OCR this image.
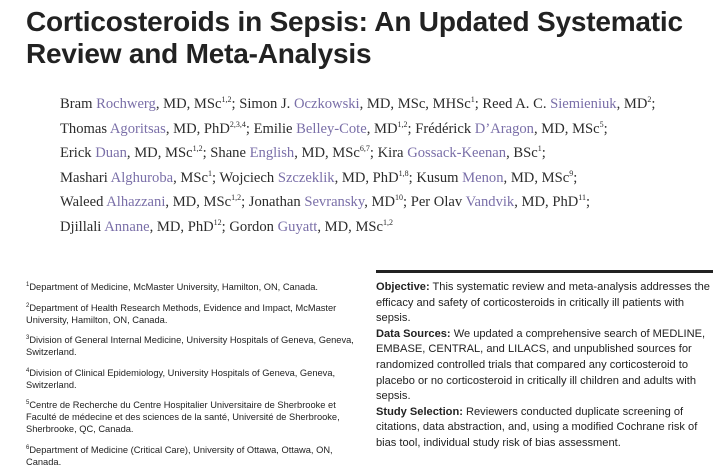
Corticosteroids in Sepsis: An Updated Systematic Review and Meta-Analysis
Bram Rochwerg, MD, MSc$^{1,2}$; Simon J. Oczkowski, MD, MSc, MHSc$^1$; Reed A. C. Siemieniuk, $MD^2$;
Thomas Agoritsas, MD, PhD$^{2,3,4}$; Emilie Belley-Cote, MD$^{1,2}$; Frédérick D’Aragon, MD, MSc$^5$;
Erick Duan, MD, MSc$^{1,2}$; Shane English, MD, MSc$^{6,7}$; Kira Gossack-Keenan, BSc$^1$;
Mashari Alghuroba, MSc$^1$; Wojciech Szczeklik, MD, PhD$^{1,8}$; Kusum Menon, MD, MSc$^9$;
Waleed Alhazzani, MD, MSc$^{1,2}$; Jonathan Sevransky, MD$^{10}$; Per Olav Vandvik, MD, PhD$^{11}$;
Djillali Annane, MD, PhD$^{12}$; Gordon Guyatt, MD, MSc$^{1,2}$
$^1$Department of Medicine, McMaster University, Hamilton, ON, Canada.
$^2$Department of Health Research Methods, Evidence and Impact, McMaster University, Hamilton, ON, Canada.
$^3$Division of General Internal Medicine, University Hospitals of Geneva, Geneva, Switzerland.
$^4$Division of Clinical Epidemiology, University Hospitals of Geneva, Geneva, Switzerland.
$^5$Centre de Recherche du Centre Hospitalier Universitaire de Sherbrooke et Faculté de médecine et des sciences de la santé, Université de Sherbrooke, Sherbrooke, QC, Canada.
$^6$Department of Medicine (Critical Care), University of Ottawa, Ottawa, ON, Canada.

Objective: This systematic review and meta-analysis addresses the efficacy and safety of corticosteroids in critically ill patients with sepsis.

Data Sources: We updated a comprehensive search of MEDLINE, EMBASE, CENTRAL, and LILACS, and unpublished sources for randomized controlled trials that compared any corticosteroid to placebo or no corticosteroid in critically ill children and adults with sepsis.

Study Selection: Reviewers conducted duplicate screening of citations, data abstraction, and, using a modified Cochrane risk of bias tool, individual study risk of bias assessment.
